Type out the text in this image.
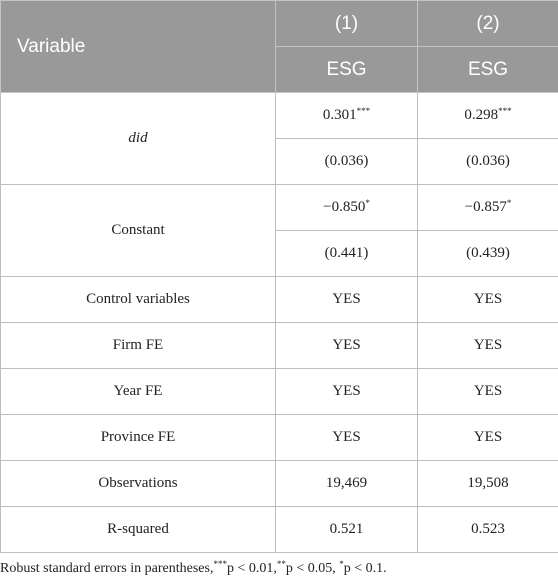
Variable	(1)	(2)
	ESG	ESG
did	0.301***	0.298***
	(0.036)	(0.036)
Constant	−0.850*	−0.857*
	(0.441)	(0.439)
Control variables	YES	YES
Firm FE	YES	YES
Year FE	YES	YES
Province FE	YES	YES
Observations	19,469	19,508
R-squared	0.521	0.523
Robust standard errors in parentheses,***p < 0.01,**p < 0.05, *p < 0.1.
